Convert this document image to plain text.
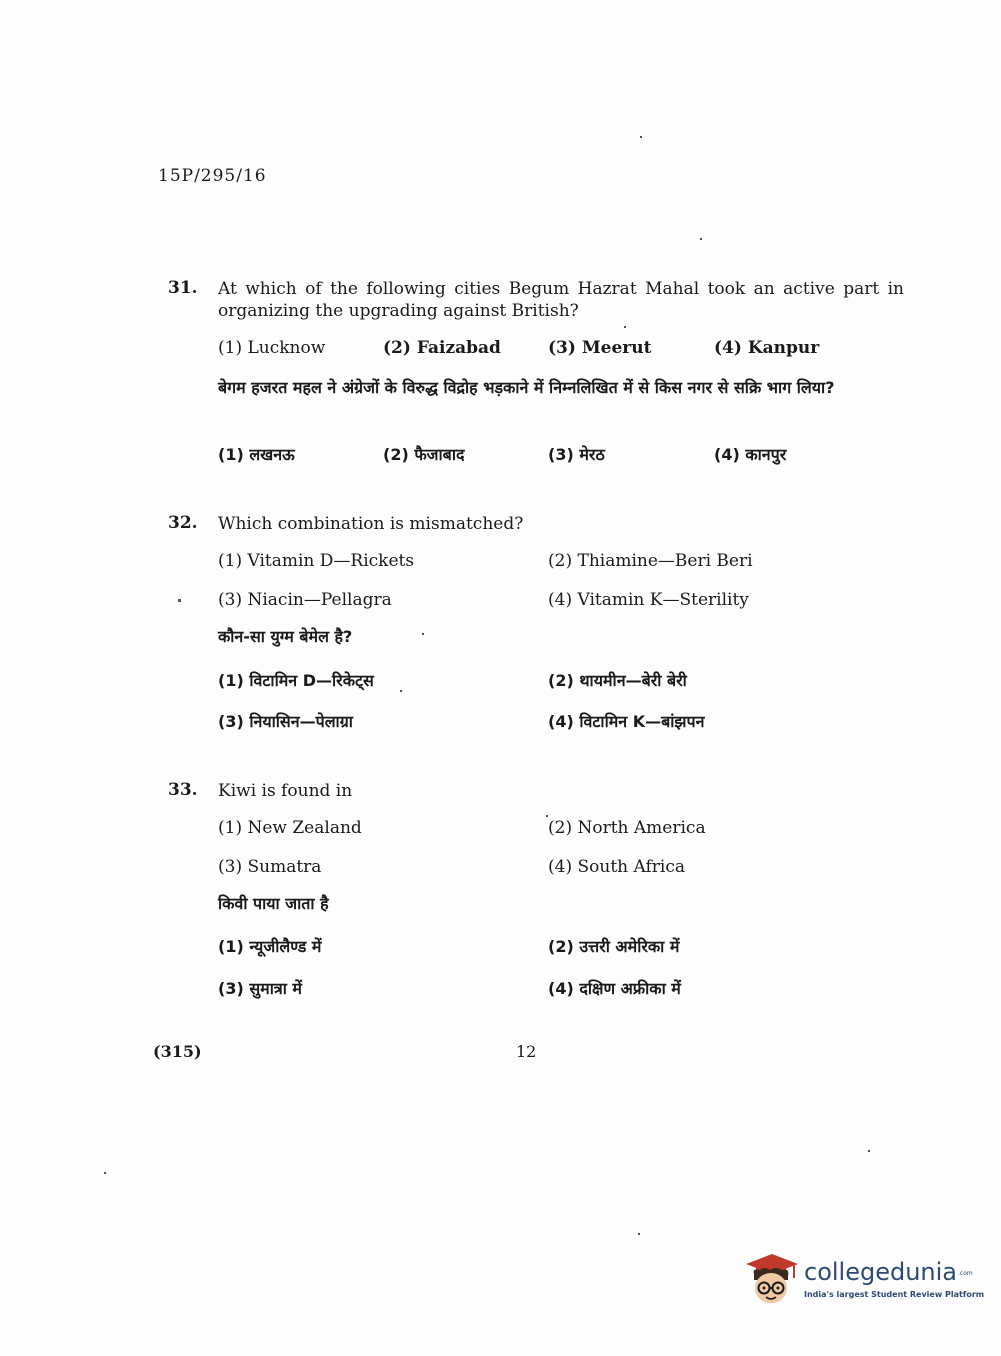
15P/295/16
31. At which of the following cities Begum Hazrat Mahal took an active part in organizing the upgrading against British?
(1) Lucknow	(2) Faizabad	(3) Meerut	(4) Kanpur
बेगम हजरत महल ने अंग्रेजों के विरुद्ध विद्रोह भड़काने में निम्नलिखित में से किस नगर से सक्रि भाग लिया?
(1) लखनऊ	(2) फैजाबाद	(3) मेरठ	(4) कानपुर
32. Which combination is mismatched?
(1) Vitamin D—Rickets	(2) Thiamine—Beri Beri
(3) Niacin—Pellagra	(4) Vitamin K—Sterility
कौन-सा युग्म बेमेल है?
(1) विटामिन D—रिकेट्स	(2) थायमीन—बेरी बेरी
(3) नियासिन—पेलाग्रा	(4) विटामिन K—बांझपन
33. Kiwi is found in
(1) New Zealand	(2) North America
(3) Sumatra	(4) South Africa
किवी पाया जाता है
(1) न्यूजीलैण्ड में	(2) उत्तरी अमेरिका में
(3) सुमात्रा में	(4) दक्षिण अफ्रीका में
(315)	12
collegedunia .com
India's largest Student Review Platform
